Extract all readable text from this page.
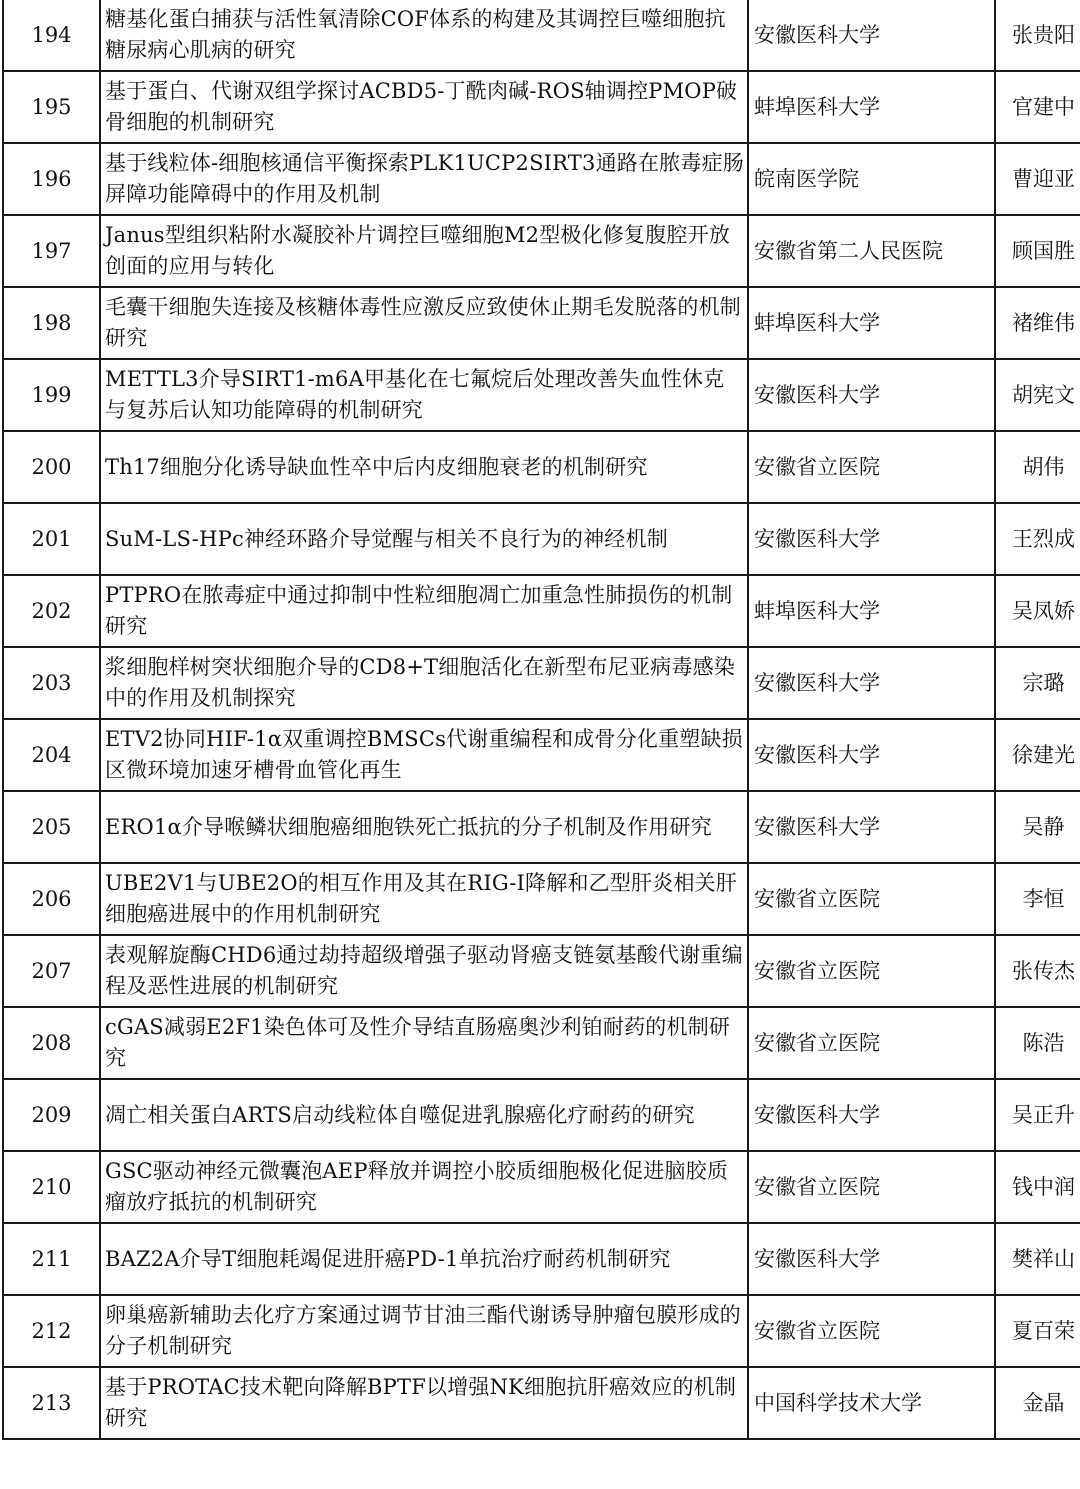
194	糖基化蛋白捕获与活性氧清除COF体系的构建及其调控巨噬细胞抗糖尿病心肌病的研究	安徽医科大学	张贵阳
195	基于蛋白、代谢双组学探讨ACBD5-丁酰肉碱-ROS轴调控PMOP破骨细胞的机制研究	蚌埠医科大学	官建中
196	基于线粒体-细胞核通信平衡探索PLK1UCP2SIRT3通路在脓毒症肠屏障功能障碍中的作用及机制	皖南医学院	曹迎亚
197	Janus型组织粘附水凝胶补片调控巨噬细胞M2型极化修复腹腔开放创面的应用与转化	安徽省第二人民医院	顾国胜
198	毛囊干细胞失连接及核糖体毒性应激反应致使休止期毛发脱落的机制研究	蚌埠医科大学	褚维伟
199	METTL3介导SIRT1-m6A甲基化在七氟烷后处理改善失血性休克与复苏后认知功能障碍的机制研究	安徽医科大学	胡宪文
200	Th17细胞分化诱导缺血性卒中后内皮细胞衰老的机制研究	安徽省立医院	胡伟
201	SuM-LS-HPc神经环路介导觉醒与相关不良行为的神经机制	安徽医科大学	王烈成
202	PTPRO在脓毒症中通过抑制中性粒细胞凋亡加重急性肺损伤的机制研究	蚌埠医科大学	吴凤娇
203	浆细胞样树突状细胞介导的CD8+T细胞活化在新型布尼亚病毒感染中的作用及机制探究	安徽医科大学	宗璐
204	ETV2协同HIF-1α双重调控BMSCs代谢重编程和成骨分化重塑缺损区微环境加速牙槽骨血管化再生	安徽医科大学	徐建光
205	ERO1α介导喉鳞状细胞癌细胞铁死亡抵抗的分子机制及作用研究	安徽医科大学	吴静
206	UBE2V1与UBE2O的相互作用及其在RIG-I降解和乙型肝炎相关肝细胞癌进展中的作用机制研究	安徽省立医院	李恒
207	表观解旋酶CHD6通过劫持超级增强子驱动肾癌支链氨基酸代谢重编程及恶性进展的机制研究	安徽省立医院	张传杰
208	cGAS减弱E2F1染色体可及性介导结直肠癌奥沙利铂耐药的机制研究	安徽省立医院	陈浩
209	凋亡相关蛋白ARTS启动线粒体自噬促进乳腺癌化疗耐药的研究	安徽医科大学	吴正升
210	GSC驱动神经元微囊泡AEP释放并调控小胶质细胞极化促进脑胶质瘤放疗抵抗的机制研究	安徽省立医院	钱中润
211	BAZ2A介导T细胞耗竭促进肝癌PD-1单抗治疗耐药机制研究	安徽医科大学	樊祥山
212	卵巢癌新辅助去化疗方案通过调节甘油三酯代谢诱导肿瘤包膜形成的分子机制研究	安徽省立医院	夏百荣
213	基于PROTAC技术靶向降解BPTF以增强NK细胞抗肝癌效应的机制研究	中国科学技术大学	金晶
